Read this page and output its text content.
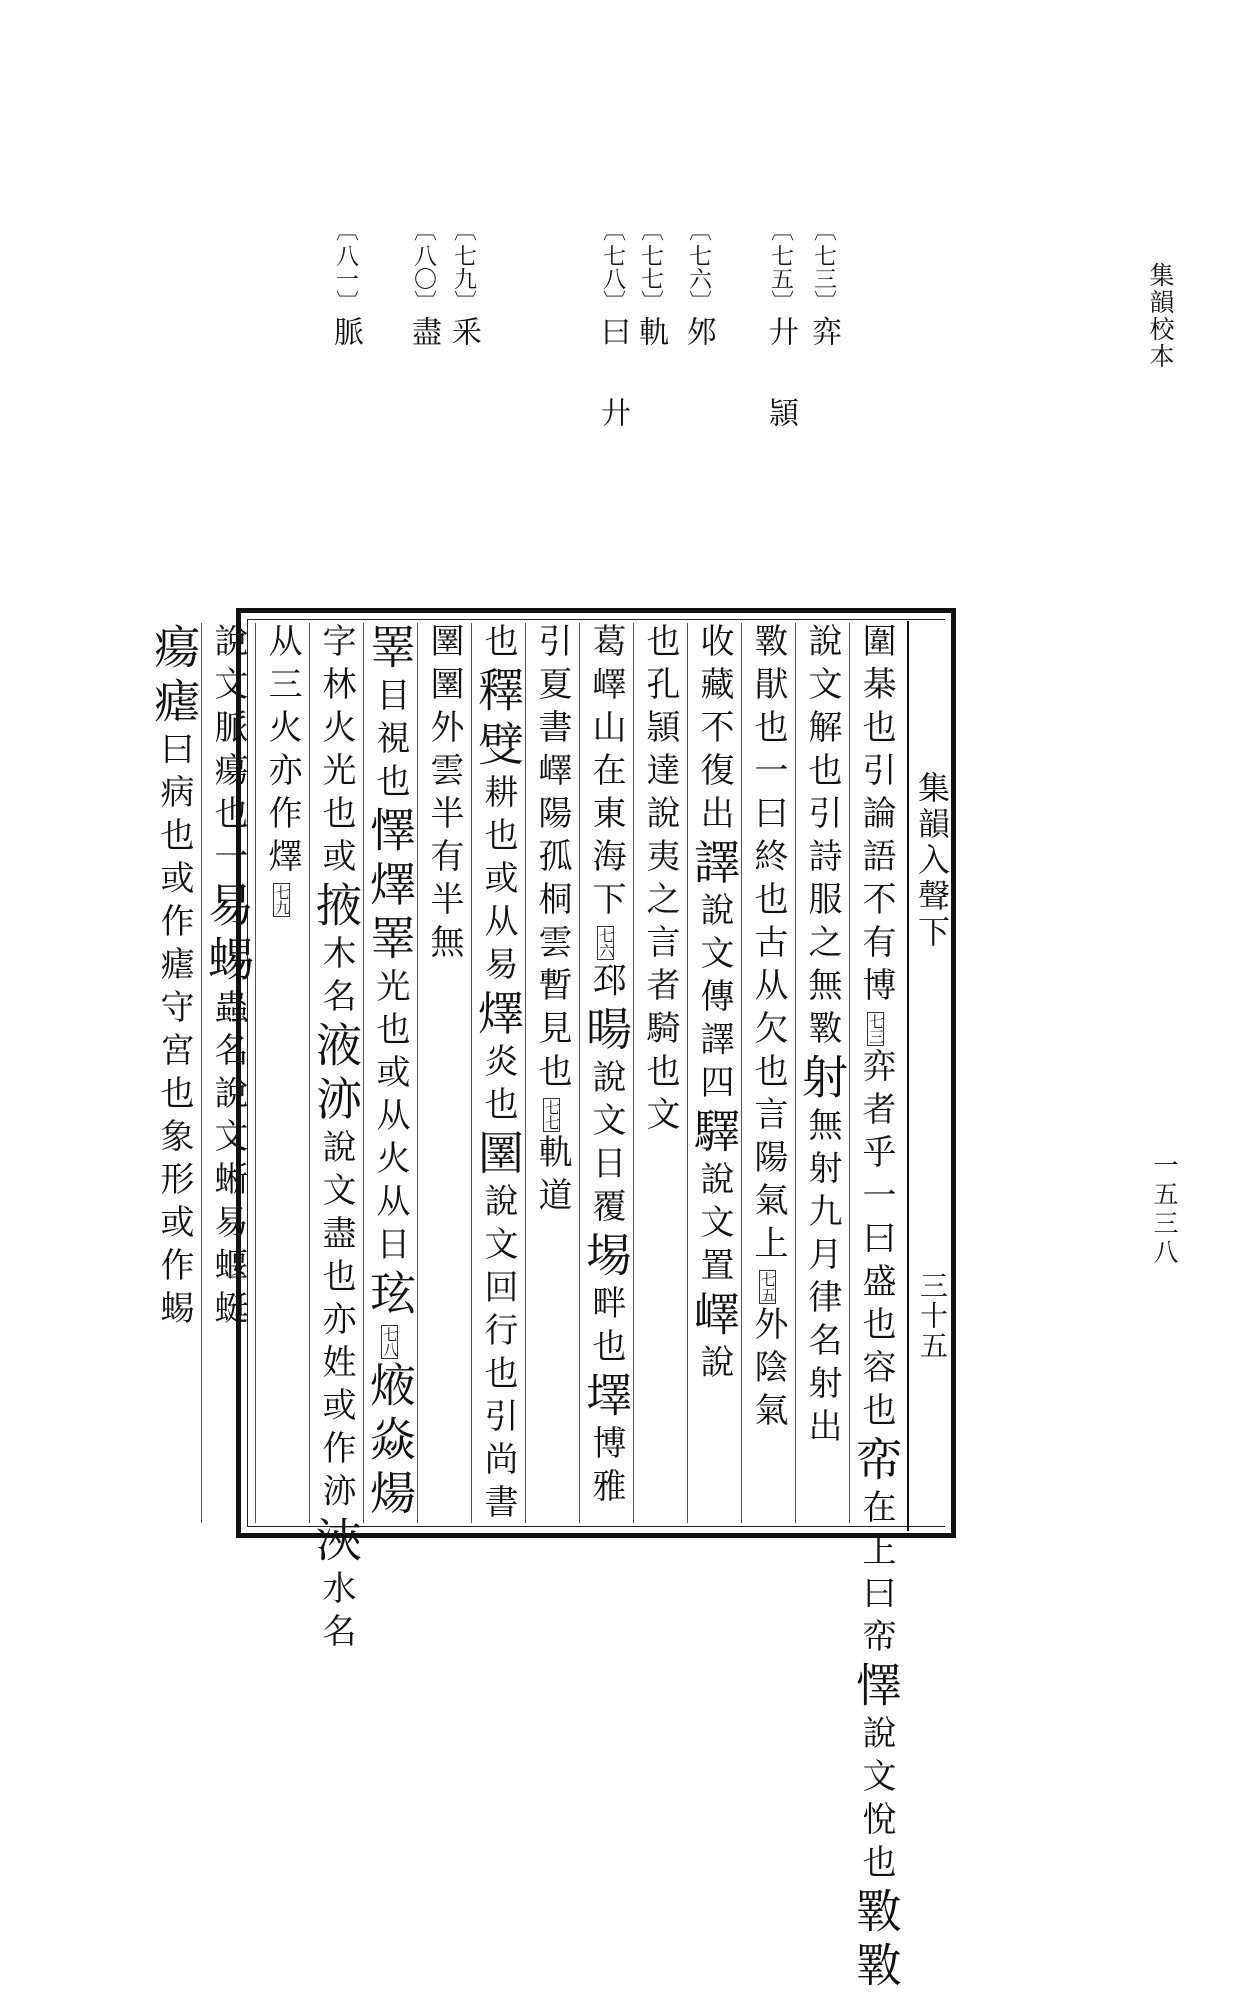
集韻校本
一五三八
〔七三〕弈
〔七五〕廾 頴
〔七六〕邜
〔七七〕軌
〔七八〕曰 廾
〔七九〕釆
〔八〇〕盡
〔八一〕脈
集韻入聲下
三十五
圍棊也引論語不有博七三弈者乎一曰盛也容也帟在上曰帟懌說文悅也斁斁
說文解也引詩服之無斁射無射九月律名射出
斁猒也一曰終也古从欠也言陽氣上七五外陰氣
收藏不復出譯說文傳譯四驛說文置嶧說
也孔頴達說夷之言者騎也文
葛嶧山在東海下七六邳暘說文日覆埸畔也墿博雅
引夏書嶧陽孤桐雲暫見也七七軌道
也釋䢃耕也或从易燡炎也圛說文回行也引尚書
圛圛外雲半有半無
睪目視也懌燡睪光也或从火从日玹七八焲焱煬
字林火光也或掖木名液洂說文盡也亦姓或作洂浹水名
从三火亦作燡七九
說文脈瘍也一易蜴蟲名說文蜥易蝘蜓
瘍瘧曰病也或作瘧守宮也象形或作蜴
